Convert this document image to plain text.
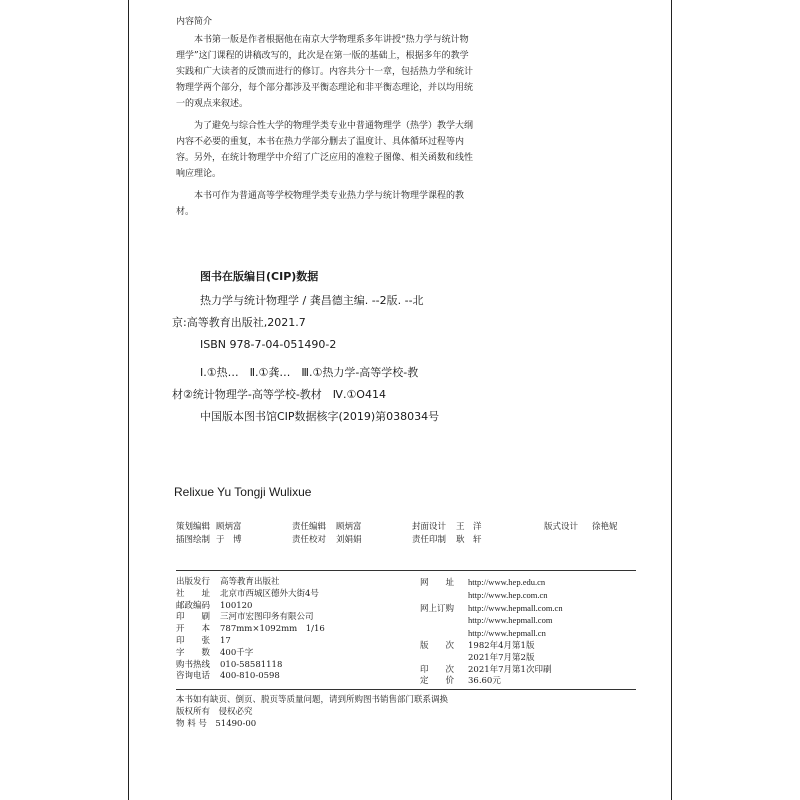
内容简介

本书第一版是作者根据他在南京大学物理系多年讲授“热力学与统计物理学”这门课程的讲稿改写的，此次是在第一版的基础上，根据多年的教学实践和广大读者的反馈而进行的修订。内容共分十一章，包括热力学和统计物理学两个部分，每个部分都涉及平衡态理论和非平衡态理论，并以均用统一的观点来叙述。

为了避免与综合性大学的物理学类专业中普通物理学（热学）教学大纲内容不必要的重复，本书在热力学部分删去了温度计、具体循环过程等内容。另外，在统计物理学中介绍了广泛应用的准粒子图像、相关函数和线性响应理论。

本书可作为普通高等学校物理学类专业热力学与统计物理学课程的教材。

图书在版编目(CIP)数据
热力学与统计物理学 / 龚昌德主编. --2版. --北
京:高等教育出版社,2021.7
ISBN 978-7-04-051490-2
Ⅰ.①热…　Ⅱ.①龚…　Ⅲ.①热力学-高等学校-教
材②统计物理学-高等学校-教材　Ⅳ.①O414
中国版本图书馆CIP数据核字(2019)第038034号
Relixue Yu Tongji Wulixue
策划编辑 顾炳富	责任编辑 顾炳富	封面设计 王　洋	版式设计 徐艳妮
插图绘制 于　博	责任校对 刘娟娟	责任印制 耿　轩
出版发行 高等教育出版社
社　　址 北京市西城区德外大街4号
邮政编码 100120
印　　刷 三河市宏图印务有限公司
开　　本 787mm×1092mm　1/16
印　　张 17
字　　数 400千字
购书热线 010-58581118
咨询电话 400-810-0598
网　　址 http://www.hep.edu.cn
http://www.hep.com.cn
网上订购 http://www.hepmall.com.cn
http://www.hepmall.com
http://www.hepmall.cn
版　　次 1982年4月第1版
2021年7月第2版
印　　次 2021年7月第1次印刷
定　　价 36.60元
本书如有缺页、倒页、脱页等质量问题，请到所购图书销售部门联系调换
版权所有　侵权必究
物 料 号　51490-00
